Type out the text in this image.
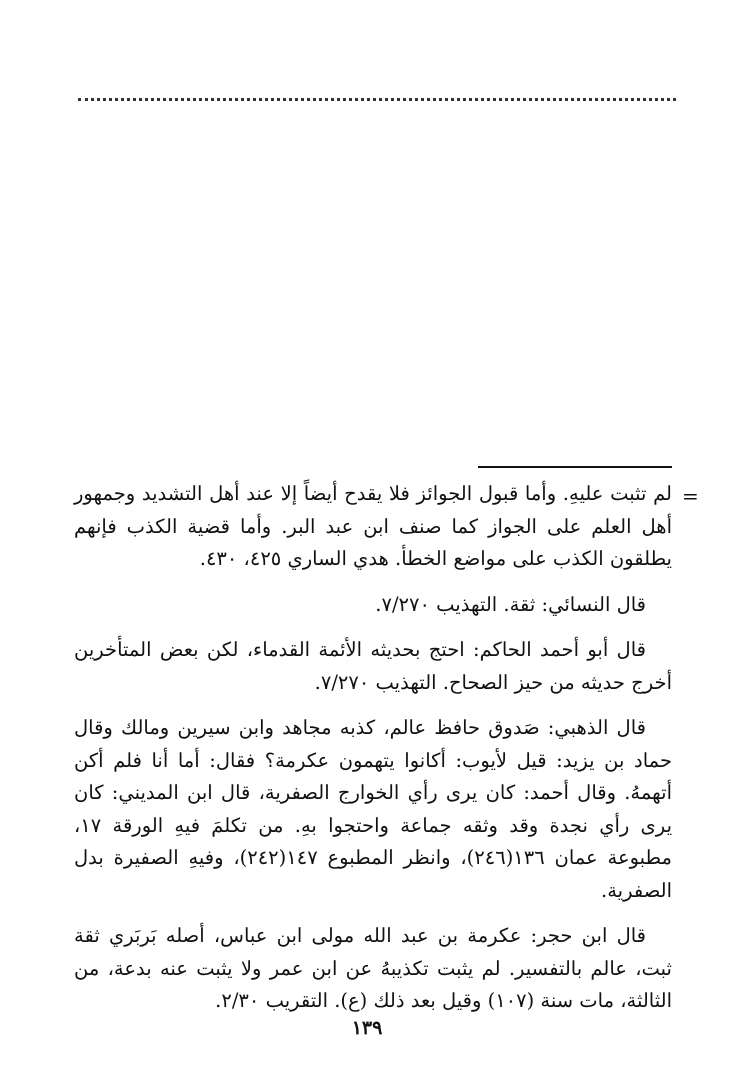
=

لم تثبت عليهِ. وأما قبول الجوائز فلا يقدح أيضاً إلا عند أهل التشديد وجمهور أهل العلم على الجواز كما صنف ابن عبد البر. وأما قضية الكذب فإنهم يطلقون الكذب على مواضع الخطأ. هدي الساري ٤٢٥، ٤٣٠.

قال النسائي: ثقة. التهذيب ٧/٢٧٠.

قال أبو أحمد الحاكم: احتج بحديثه الأئمة القدماء، لكن بعض المتأخرين أخرج حديثه من حيز الصحاح. التهذيب ٧/٢٧٠.

قال الذهبي: صَدوق حافظ عالم، كذبه مجاهد وابن سيرين ومالك وقال حماد بن يزيد: قيل لأيوب: أكانوا يتهمون عكرمة؟ فقال: أما أنا فلم أكن أتهمهُ. وقال أحمد: كان يرى رأي الخوارج الصفرية، قال ابن المديني: كان يرى رأي نجدة وقد وثقه جماعة واحتجوا بهِ. من تكلمَ فيهِ الورقة ١٧، مطبوعة عمان ١٣٦(٢٤٦)، وانظر المطبوع ١٤٧(٢٤٢)، وفيهِ الصفيرة بدل الصفرية.

قال ابن حجر: عكرمة بن عبد الله مولى ابن عباس، أصله بَربَري ثقة ثبت، عالم بالتفسير. لم يثبت تكذيبهُ عن ابن عمر ولا يثبت عنه بدعة، من الثالثة، مات سنة (١٠٧) وقيل بعد ذلك (ع). التقريب ٢/٣٠.

١٣٩
